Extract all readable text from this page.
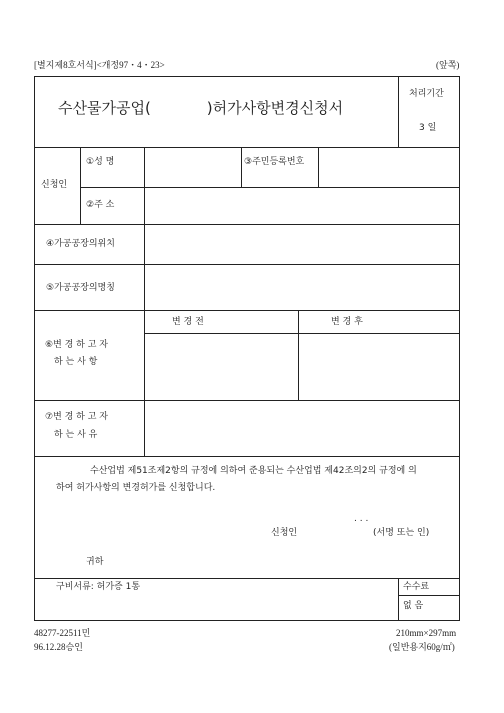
[별지제8호서식]<개정97・4・23>	(앞쪽)
수산물가공업(	)허가사항변경신청서
처리기간
3 일
신청인
①성 명	③주민등록번호
②주 소
④가공공장의위치
⑤가공공장의명칭
⑥변 경 하 고 자
하 는 사 항
변 경 전	변 경 후
⑦변 경 하 고 자
하 는 사 유
수산업법 제51조제2항의 규정에 의하여 준용되는 수산업법 제42조의2의 규정에 의
하여 허가사항의 변경허가를 신청합니다.
. . .
신청인	(서명 또는 인)
귀하
구비서류: 허가증 1통	수수료
없 음
48277-22511민
96.12.28승인
210mm×297mm
(일반용지60g/㎡)
